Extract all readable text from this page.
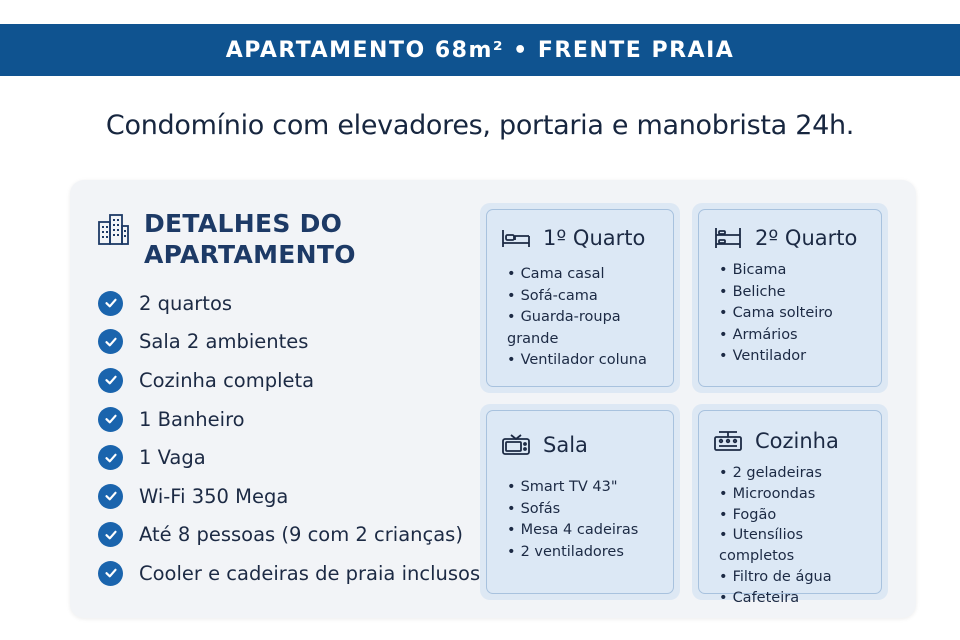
APARTAMENTO 68m² • FRENTE PRAIA
Condomínio com elevadores, portaria e manobrista 24h.
DETALHES DO APARTAMENTO
2 quartos
Sala 2 ambientes
Cozinha completa
1 Banheiro
1 Vaga
Wi-Fi 350 Mega
Até 8 pessoas (9 com 2 crianças)
Cooler e cadeiras de praia inclusos
1º Quarto
• Cama casal
• Sofá-cama
• Guarda-roupa grande
• Ventilador coluna
2º Quarto
• Bicama
• Beliche
• Cama solteiro
• Armários
• Ventilador
Sala
• Smart TV 43"
• Sofás
• Mesa 4 cadeiras
• 2 ventiladores
Cozinha
• 2 geladeiras
• Microondas
• Fogão
• Utensílios completos
• Filtro de água
• Cafeteira
